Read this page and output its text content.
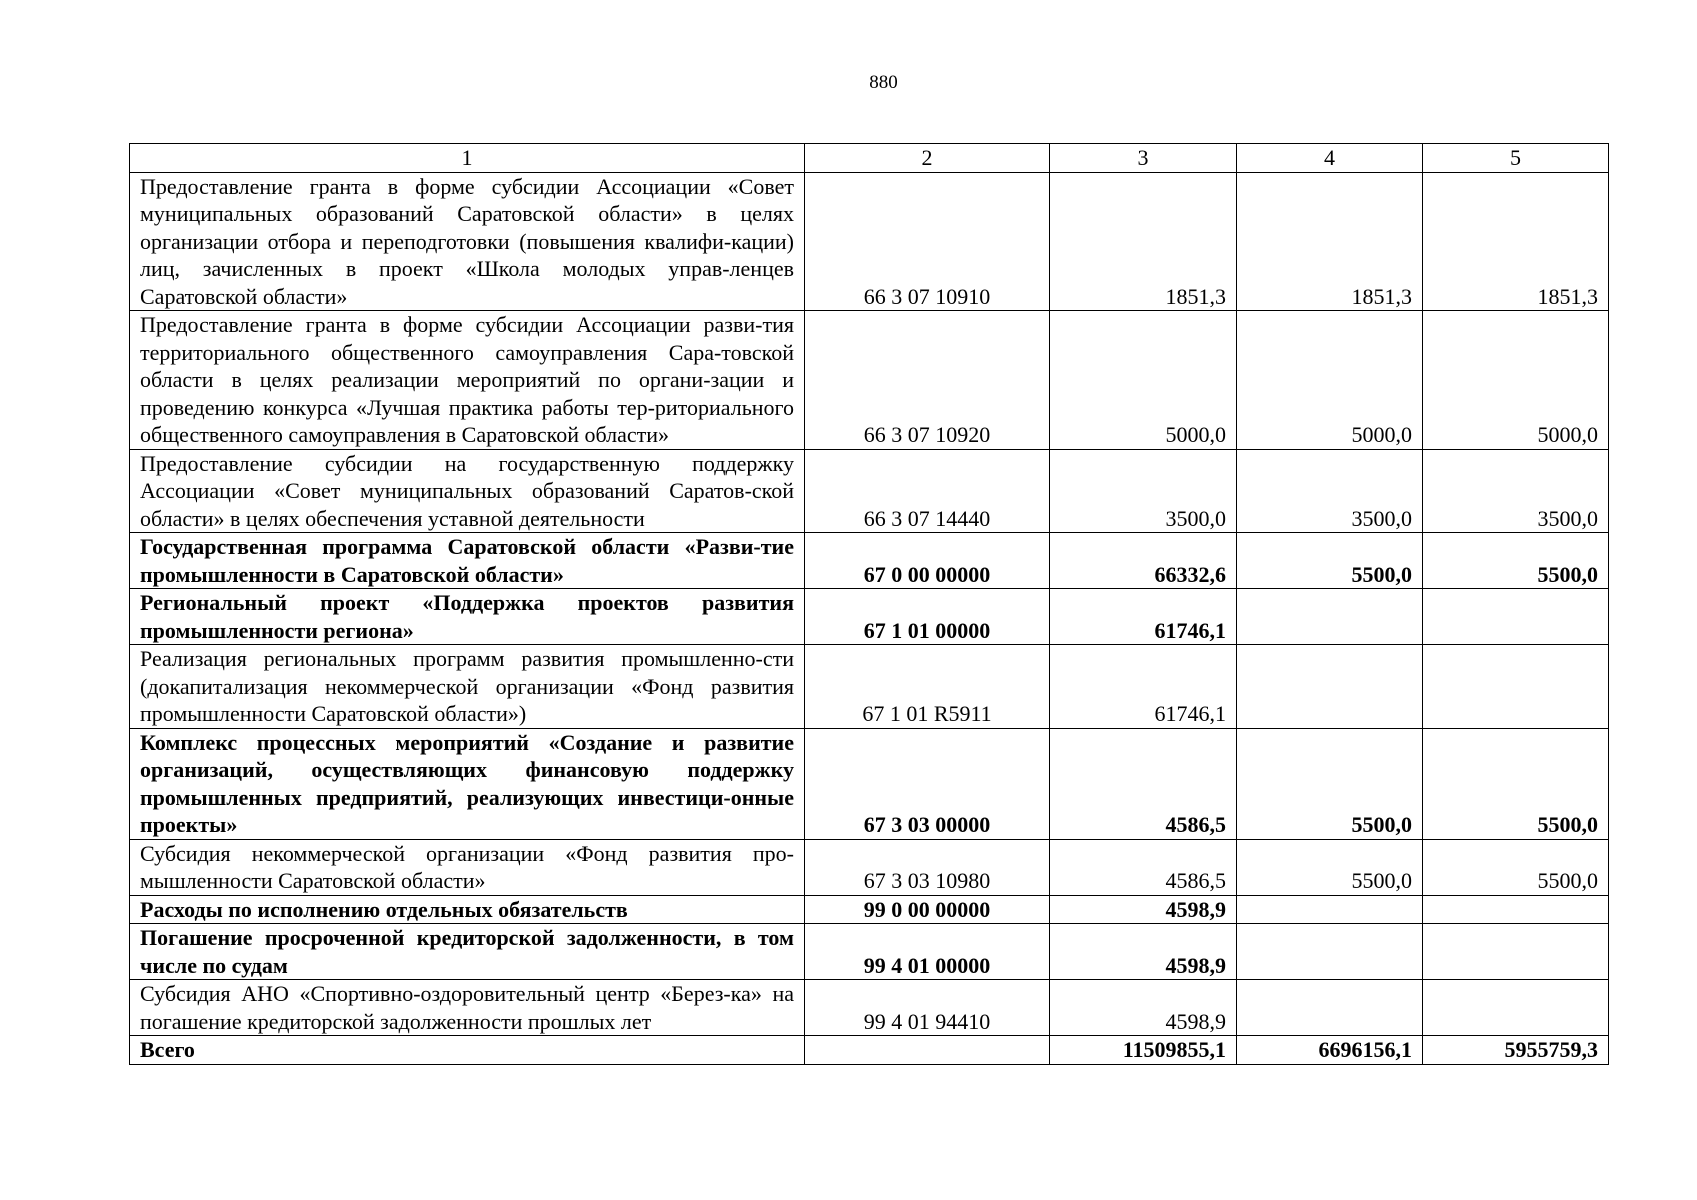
880
1	2	3	4	5
Предоставление гранта в форме субсидии Ассоциации «Совет муниципальных образований Саратовской области» в целях организации отбора и переподготовки (повышения квалифи-кации) лиц, зачисленных в проект «Школа молодых управ-ленцев Саратовской области»	66 3 07 10910	1851,3	1851,3	1851,3
Предоставление гранта в форме субсидии Ассоциации разви-тия территориального общественного самоуправления Сара-товской области в целях реализации мероприятий по органи-зации и проведению конкурса «Лучшая практика работы тер-риториального общественного самоуправления в Саратовской области»	66 3 07 10920	5000,0	5000,0	5000,0
Предоставление субсидии на государственную поддержку Ассоциации «Совет муниципальных образований Саратов-ской области» в целях обеспечения уставной деятельности	66 3 07 14440	3500,0	3500,0	3500,0
Государственная программа Саратовской области «Разви-тие промышленности в Саратовской области»	67 0 00 00000	66332,6	5500,0	5500,0
Региональный проект «Поддержка проектов развития промышленности региона»	67 1 01 00000	61746,1		
Реализация региональных программ развития промышленно-сти (докапитализация некоммерческой организации «Фонд развития промышленности Саратовской области»)	67 1 01 R5911	61746,1		
Комплекс процессных мероприятий «Создание и развитие организаций, осуществляющих финансовую поддержку промышленных предприятий, реализующих инвестици-онные проекты»	67 3 03 00000	4586,5	5500,0	5500,0
Субсидия некоммерческой организации «Фонд развития про-мышленности Саратовской области»	67 3 03 10980	4586,5	5500,0	5500,0
Расходы по исполнению отдельных обязательств	99 0 00 00000	4598,9		
Погашение просроченной кредиторской задолженности, в том числе по судам	99 4 01 00000	4598,9		
Субсидия АНО «Спортивно-оздоровительный центр «Берез-ка» на погашение кредиторской задолженности прошлых лет	99 4 01 94410	4598,9		
Всего		11509855,1	6696156,1	5955759,3
